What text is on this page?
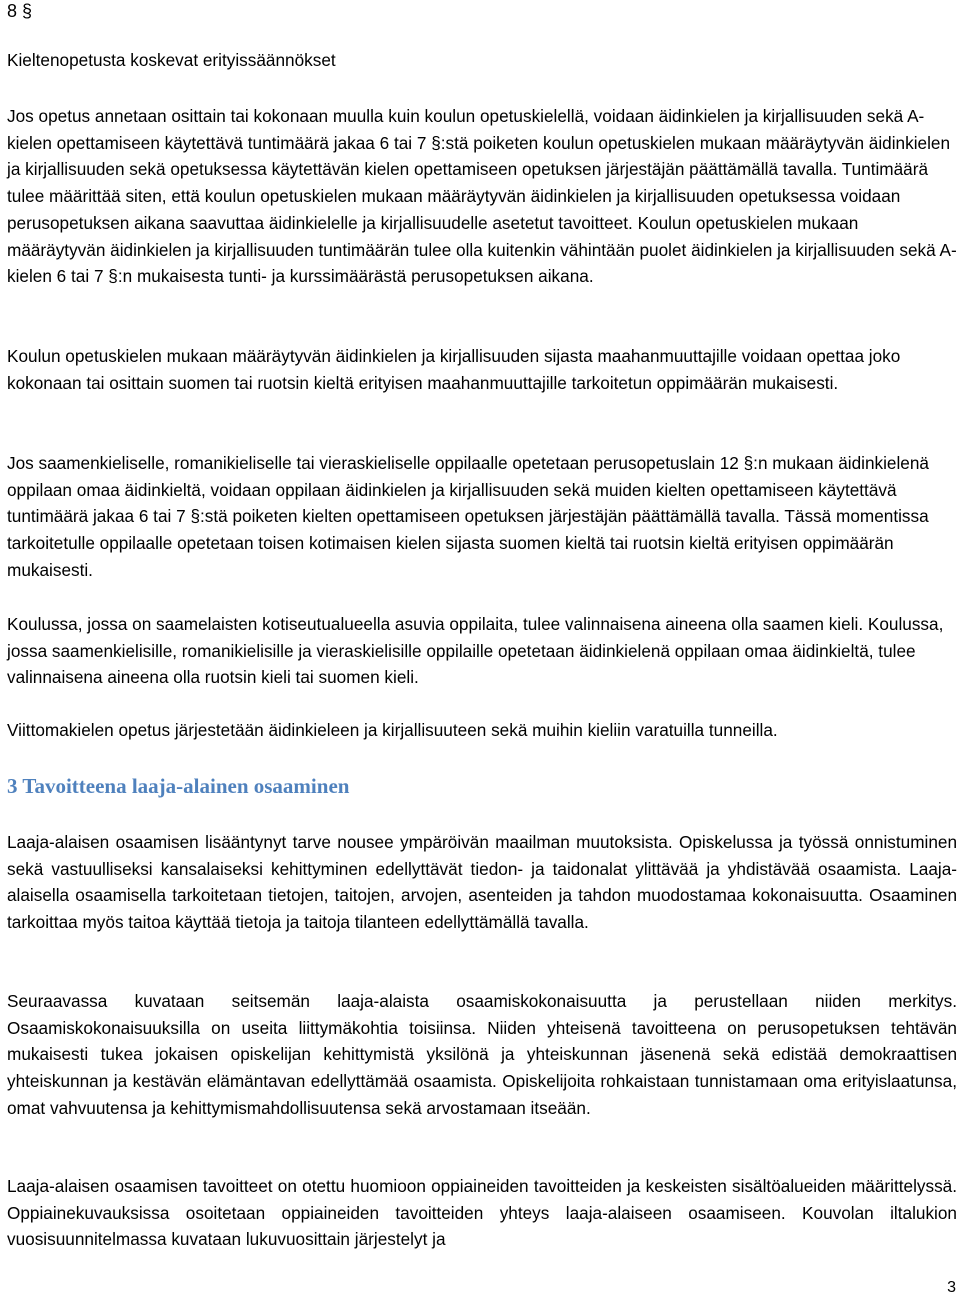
8 §

Kieltenopetusta koskevat erityissäännökset

Jos opetus annetaan osittain tai kokonaan muulla kuin koulun opetuskielellä, voidaan äidinkielen ja kirjallisuuden sekä A-kielen opettamiseen käytettävä tuntimäärä jakaa 6 tai 7 §:stä poiketen koulun opetuskielen mukaan määräytyvän äidinkielen ja kirjallisuuden sekä opetuksessa käytettävän kielen opettamiseen opetuksen järjestäjän päättämällä tavalla. Tuntimäärä tulee määrittää siten, että koulun opetuskielen mukaan määräytyvän äidinkielen ja kirjallisuuden opetuksessa voidaan perusopetuksen aikana saavuttaa äidinkielelle ja kirjallisuudelle asetetut tavoitteet. Koulun opetuskielen mukaan määräytyvän äidinkielen ja kirjallisuuden tuntimäärän tulee olla kuitenkin vähintään puolet äidinkielen ja kirjallisuuden sekä A-kielen 6 tai 7 §:n mukaisesta tunti- ja kurssimäärästä perusopetuksen aikana.

Koulun opetuskielen mukaan määräytyvän äidinkielen ja kirjallisuuden sijasta maahanmuuttajille voidaan opettaa joko kokonaan tai osittain suomen tai ruotsin kieltä erityisen maahanmuuttajille tarkoitetun oppimäärän mukaisesti.

Jos saamenkieliselle, romanikieliselle tai vieraskieliselle oppilaalle opetetaan perusopetuslain 12 §:n mukaan äidinkielenä oppilaan omaa äidinkieltä, voidaan oppilaan äidinkielen ja kirjallisuuden sekä muiden kielten opettamiseen käytettävä tuntimäärä jakaa 6 tai 7 §:stä poiketen kielten opettamiseen opetuksen järjestäjän päättämällä tavalla. Tässä momentissa tarkoitetulle oppilaalle opetetaan toisen kotimaisen kielen sijasta suomen kieltä tai ruotsin kieltä erityisen oppimäärän mukaisesti.

Koulussa, jossa on saamelaisten kotiseutualueella asuvia oppilaita, tulee valinnaisena aineena olla saamen kieli. Koulussa, jossa saamenkielisille, romanikielisille ja vieraskielisille oppilaille opetetaan äidinkielenä oppilaan omaa äidinkieltä, tulee valinnaisena aineena olla ruotsin kieli tai suomen kieli.

Viittomakielen opetus järjestetään äidinkieleen ja kirjallisuuteen sekä muihin kieliin varatuilla tunneilla.

3 Tavoitteena laaja-alainen osaaminen

Laaja-alaisen osaamisen lisääntynyt tarve nousee ympäröivän maailman muutoksista. Opiskelussa ja työssä onnistuminen sekä vastuulliseksi kansalaiseksi kehittyminen edellyttävät tiedon- ja taidonalat ylittävää ja yhdistävää osaamista. Laaja-alaisella osaamisella tarkoitetaan tietojen, taitojen, arvojen, asenteiden ja tahdon muodostamaa kokonaisuutta. Osaaminen tarkoittaa myös taitoa käyttää tietoja ja taitoja tilanteen edellyttämällä tavalla.

Seuraavassa kuvataan seitsemän laaja-alaista osaamiskokonaisuutta ja perustellaan niiden merkitys. Osaamiskokonaisuuksilla on useita liittymäkohtia toisiinsa. Niiden yhteisenä tavoitteena on perusopetuksen tehtävän mukaisesti tukea jokaisen opiskelijan kehittymistä yksilönä ja yhteiskunnan jäsenenä sekä edistää demokraattisen yhteiskunnan ja kestävän elämäntavan edellyttämää osaamista. Opiskelijoita rohkaistaan tunnistamaan oma erityislaatunsa, omat vahvuutensa ja kehittymismahdollisuutensa sekä arvostamaan itseään.

Laaja-alaisen osaamisen tavoitteet on otettu huomioon oppiaineiden tavoitteiden ja keskeisten sisältöalueiden määrittelyssä. Oppiainekuvauksissa osoitetaan oppiaineiden tavoitteiden yhteys laaja-alaiseen osaamiseen. Kouvolan iltalukion vuosisuunnitelmassa kuvataan lukuvuosittain järjestelyt ja

3
